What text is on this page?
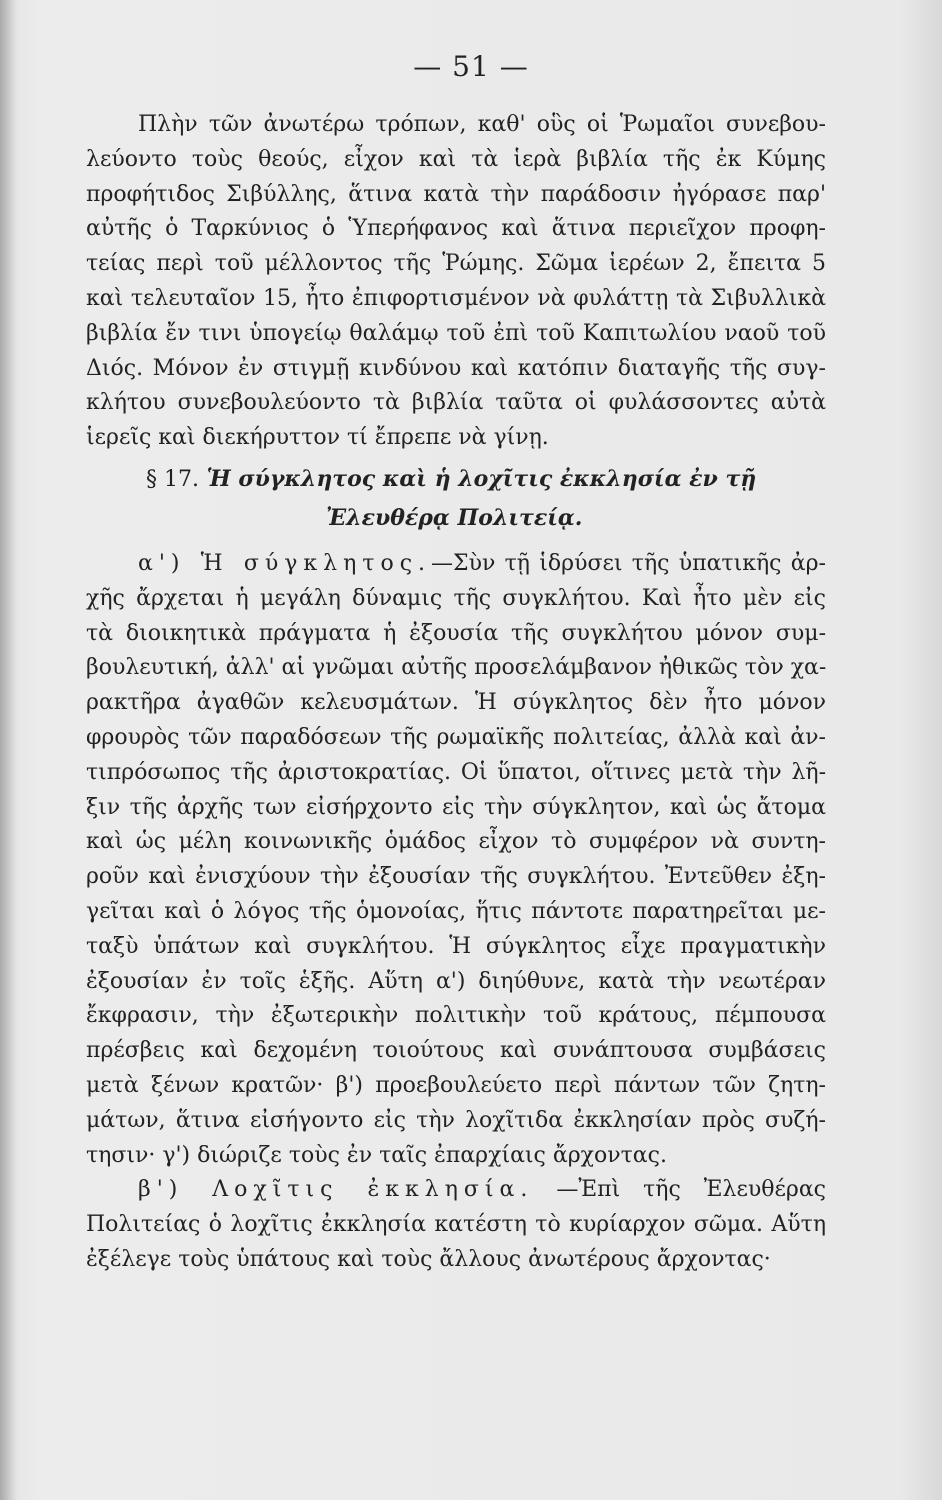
— 51 —
Πλὴν τῶν ἀνωτέρω τρόπων, καθ' οὓς οἱ Ῥωμαῖοι συνεβου-
λεύοντο τοὺς θεούς, εἶχον καὶ τὰ ἱερὰ βιβλία τῆς ἐκ Κύμης
προφήτιδος Σιβύλλης, ἅτινα κατὰ τὴν παράδοσιν ἠγόρασε παρ'
αὐτῆς ὁ Ταρκύνιος ὁ Ὑπερήφανος καὶ ἅτινα περιεῖχον προφη-
τείας περὶ τοῦ μέλλοντος τῆς Ῥώμης. Σῶμα ἱερέων 2, ἔπειτα 5
καὶ τελευταῖον 15, ἦτο ἐπιφορτισμένον νὰ φυλάττῃ τὰ Σιβυλλικὰ
βιβλία ἔν τινι ὑπογείῳ θαλάμῳ τοῦ ἐπὶ τοῦ Καπιτωλίου ναοῦ τοῦ
Διός. Μόνον ἐν στιγμῇ κινδύνου καὶ κατόπιν διαταγῆς τῆς συγ-
κλήτου συνεβουλεύοντο τὰ βιβλία ταῦτα οἱ φυλάσσοντες αὐτὰ
ἱερεῖς καὶ διεκήρυττον τί ἔπρεπε νὰ γίνῃ.
§ 17. Ἡ σύγκλητος καὶ ἡ λοχῖτις ἐκκλησία ἐν τῇ
Ἐλευθέρᾳ Πολιτείᾳ.
α') Ἡ σύγκλητος.—Σὺν τῇ ἱδρύσει τῆς ὑπατικῆς ἀρ-
χῆς ἄρχεται ἡ μεγάλη δύναμις τῆς συγκλήτου. Καὶ ἦτο μὲν εἰς
τὰ διοικητικὰ πράγματα ἡ ἐξουσία τῆς συγκλήτου μόνον συμ-
βουλευτική, ἀλλ' αἱ γνῶμαι αὐτῆς προσελάμβανον ἠθικῶς τὸν χα-
ρακτῆρα ἀγαθῶν κελευσμάτων. Ἡ σύγκλητος δὲν ἦτο μόνον
φρουρὸς τῶν παραδόσεων τῆς ρωμαϊκῆς πολιτείας, ἀλλὰ καὶ ἀν-
τιπρόσωπος τῆς ἀριστοκρατίας. Οἱ ὕπατοι, οἵτινες μετὰ τὴν λῆ-
ξιν τῆς ἀρχῆς των εἰσήρχοντο εἰς τὴν σύγκλητον, καὶ ὡς ἄτομα
καὶ ὡς μέλη κοινωνικῆς ὁμάδος εἶχον τὸ συμφέρον νὰ συντη-
ροῦν καὶ ἐνισχύουν τὴν ἐξουσίαν τῆς συγκλήτου. Ἐντεῦθεν ἐξη-
γεῖται καὶ ὁ λόγος τῆς ὁμονοίας, ἥτις πάντοτε παρατηρεῖται με-
ταξὺ ὑπάτων καὶ συγκλήτου. Ἡ σύγκλητος εἶχε πραγματικὴν
ἐξουσίαν ἐν τοῖς ἑξῆς. Αὕτη α') διηύθυνε, κατὰ τὴν νεωτέραν
ἔκφρασιν, τὴν ἐξωτερικὴν πολιτικὴν τοῦ κράτους, πέμπουσα
πρέσβεις καὶ δεχομένη τοιούτους καὶ συνάπτουσα συμβάσεις
μετὰ ξένων κρατῶν· β') προεβουλεύετο περὶ πάντων τῶν ζητη-
μάτων, ἅτινα εἰσήγοντο εἰς τὴν λοχῖτιδα ἐκκλησίαν πρὸς συζή-
τησιν· γ') διώριζε τοὺς ἐν ταῖς ἐπαρχίαις ἄρχοντας.
β') Λοχῖτις ἐκκλησία. —Ἐπὶ τῆς Ἐλευθέρας
Πολιτείας ὁ λοχῖτις ἐκκλησία κατέστη τὸ κυρίαρχον σῶμα. Αὕτη
ἐξέλεγε τοὺς ὑπάτους καὶ τοὺς ἄλλους ἀνωτέρους ἄρχοντας·
